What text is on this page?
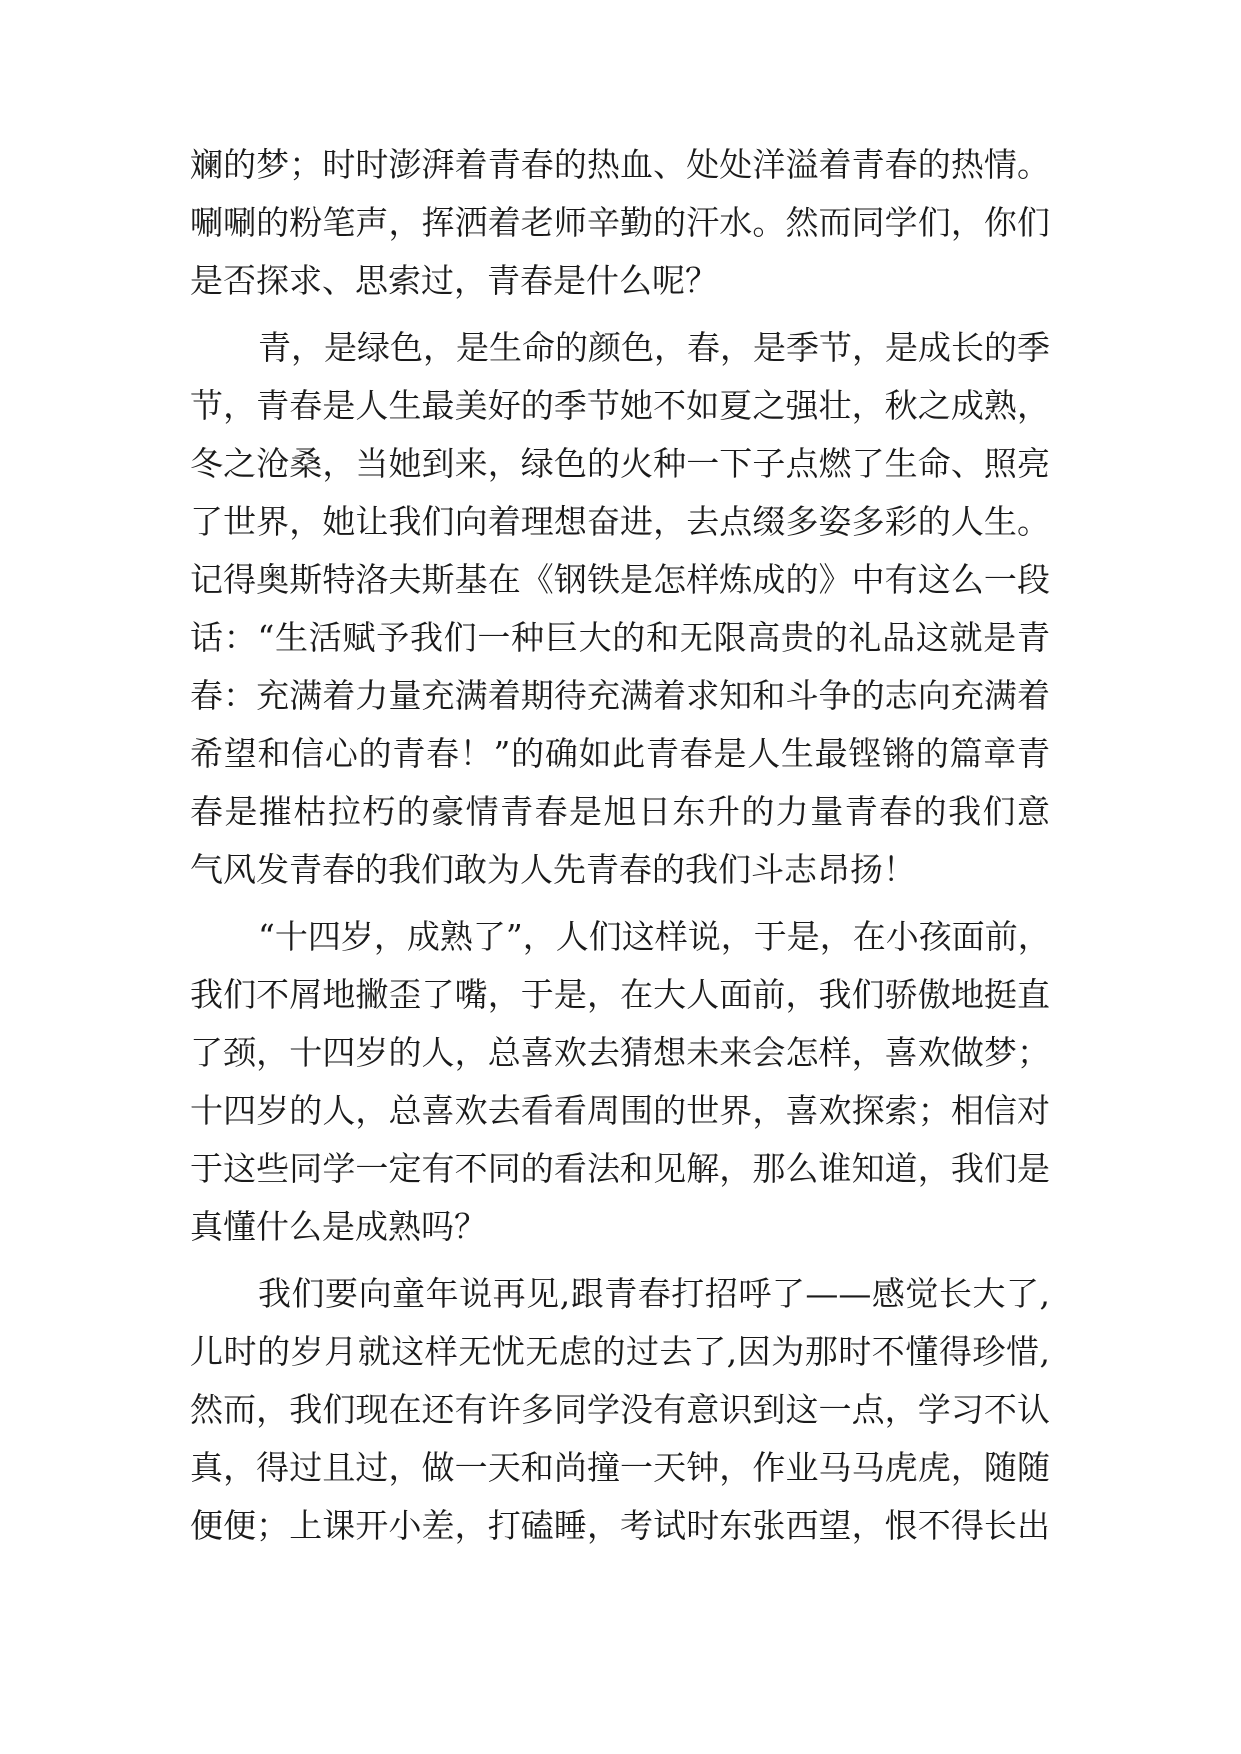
斓的梦；时时澎湃着青春的热血、处处洋溢着青春的热情。
唰唰的粉笔声，挥洒着老师辛勤的汗水。然而同学们，你们
是否探求、思索过，青春是什么呢？
青，是绿色，是生命的颜色，春，是季节，是成长的季
节，青春是人生最美好的季节她不如夏之强壮，秋之成熟，
冬之沧桑，当她到来，绿色的火种一下子点燃了生命、照亮
了世界，她让我们向着理想奋进，去点缀多姿多彩的人生。
记得奥斯特洛夫斯基在《钢铁是怎样炼成的》中有这么一段
话：“生活赋予我们一种巨大的和无限高贵的礼品这就是青
春：充满着力量充满着期待充满着求知和斗争的志向充满着
希望和信心的青春！”的确如此青春是人生最铿锵的篇章青
春是摧枯拉朽的豪情青春是旭日东升的力量青春的我们意
气风发青春的我们敢为人先青春的我们斗志昂扬！
“十四岁，成熟了”，人们这样说，于是，在小孩面前，
我们不屑地撇歪了嘴，于是，在大人面前，我们骄傲地挺直
了颈，十四岁的人，总喜欢去猜想未来会怎样，喜欢做梦；
十四岁的人，总喜欢去看看周围的世界，喜欢探索；相信对
于这些同学一定有不同的看法和见解，那么谁知道，我们是
真懂什么是成熟吗？
我们要向童年说再见,跟青春打招呼了——感觉长大了,
儿时的岁月就这样无忧无虑的过去了,因为那时不懂得珍惜,
然而，我们现在还有许多同学没有意识到这一点，学习不认
真，得过且过，做一天和尚撞一天钟，作业马马虎虎，随随
便便；上课开小差，打磕睡，考试时东张西望，恨不得长出
